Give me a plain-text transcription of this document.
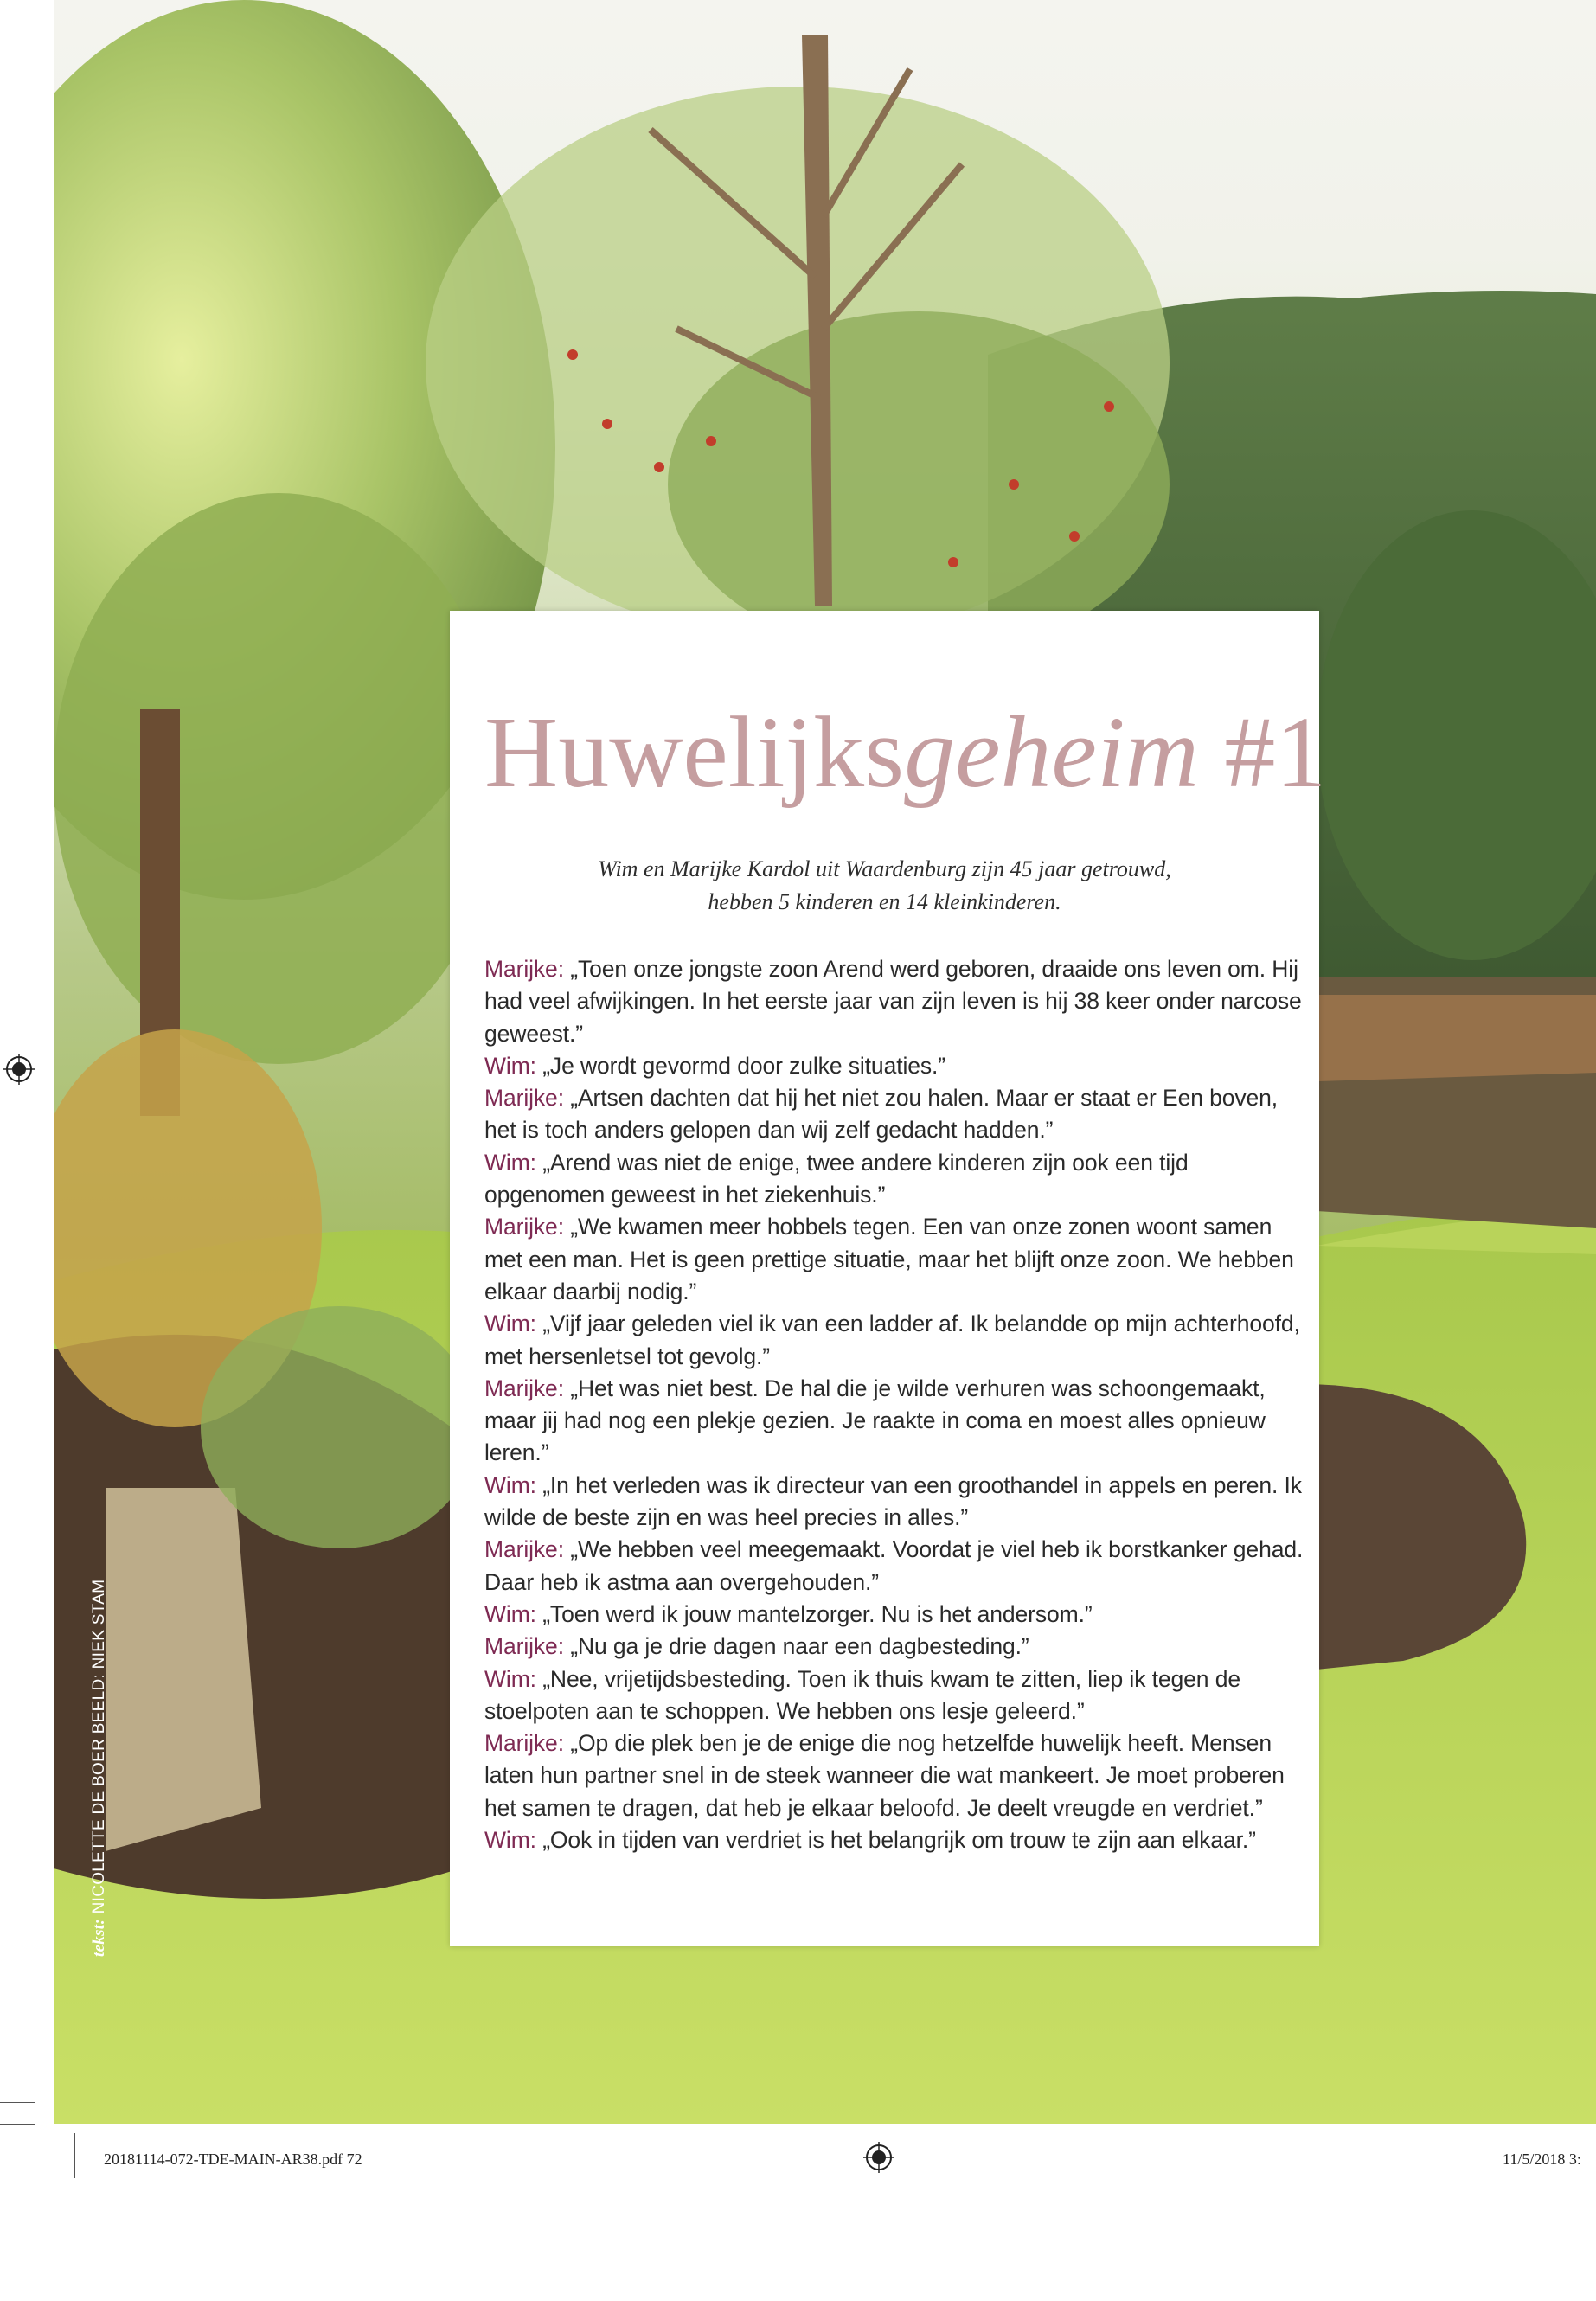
Huwelijksgeheim #1

Wim en Marijke Kardol uit Waardenburg zijn 45 jaar getrouwd,
hebben 5 kinderen en 14 kleinkinderen.

Marijke: „Toen onze jongste zoon Arend werd geboren, draaide ons leven om. Hij had veel afwijkingen. In het eerste jaar van zijn leven is hij 38 keer onder narcose geweest.”
Wim: „Je wordt gevormd door zulke situaties.”
Marijke: „Artsen dachten dat hij het niet zou halen. Maar er staat er Een boven, het is toch anders gelopen dan wij zelf gedacht hadden.”
Wim: „Arend was niet de enige, twee andere kinderen zijn ook een tijd opgenomen geweest in het ziekenhuis.”
Marijke: „We kwamen meer hobbels tegen. Een van onze zonen woont samen met een man. Het is geen prettige situatie, maar het blijft onze zoon. We hebben elkaar daarbij nodig.”
Wim: „Vijf jaar geleden viel ik van een ladder af. Ik belandde op mijn achterhoofd, met hersenletsel tot gevolg.”
Marijke: „Het was niet best. De hal die je wilde verhuren was schoongemaakt, maar jij had nog een plekje gezien. Je raakte in coma en moest alles opnieuw leren.”
Wim: „In het verleden was ik directeur van een groothandel in appels en peren. Ik wilde de beste zijn en was heel precies in alles.”
Marijke: „We hebben veel meegemaakt. Voordat je viel heb ik borstkanker gehad. Daar heb ik astma aan overgehouden.”
Wim: „Toen werd ik jouw mantelzorger. Nu is het andersom.”
Marijke: „Nu ga je drie dagen naar een dagbesteding.”
Wim: „Nee, vrijetijdsbesteding. Toen ik thuis kwam te zitten, liep ik tegen de stoelpoten aan te schoppen. We hebben ons lesje geleerd.”
Marijke: „Op die plek ben je de enige die nog hetzelfde huwelijk heeft. Mensen laten hun partner snel in de steek wanneer die wat mankeert. Je moet proberen het samen te dragen, dat heb je elkaar beloofd. Je deelt vreugde en verdriet.”
Wim: „Ook in tijden van verdriet is het belangrijk om trouw te zijn aan elkaar.”
tekst: NICOLETTE DE BOER BEELD: NIEK STAM
20181114-072-TDE-MAIN-AR38.pdf 72	11/5/2018 3:
